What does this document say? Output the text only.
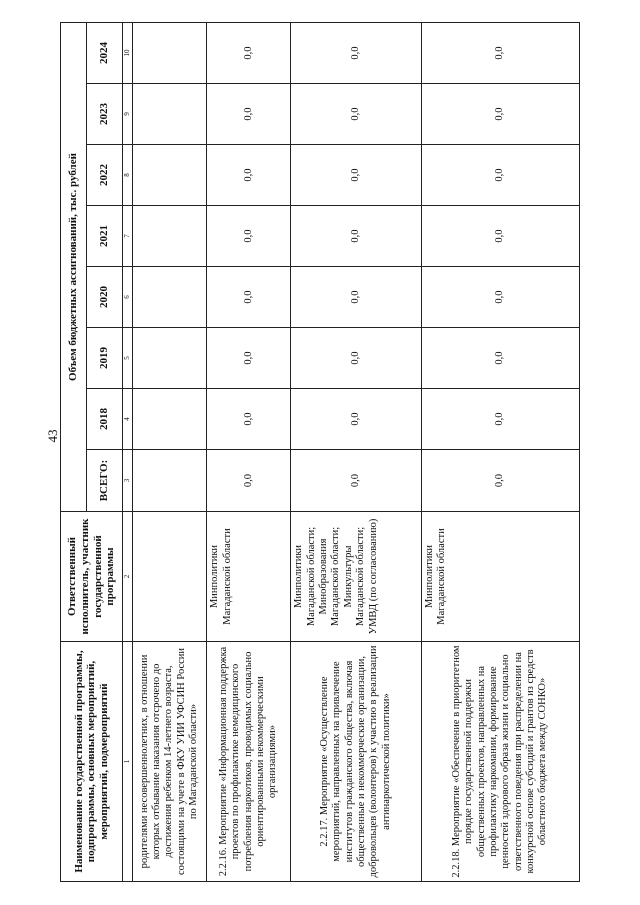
43
Наименование государственной программы, подпрограммы, основных мероприятий, мероприятий, подмероприятий	Ответственный исполнитель, участник государственной программы	Объем бюджетных ассигнований, тыс. рублей							
		ВСЕГО:	2018	2019	2020	2021	2022	2023	2024
1	2	3	4	5	6	7	8	9	10
родителями несовершеннолетних, в отношении которых отбывание наказания отсрочено до достижения ребенком 14-летнего возраста, состоящими на учете в ФКУ УИИ УФСИН России по Магаданской области»									
2.2.16. Мероприятие «Информационная поддержка проектов по профилактике немедицинского потребления наркотиков, проводимых социально ориентированными некоммерческими организациями»	Минполитики Магаданской области	0,0	0,0	0,0	0,0	0,0	0,0	0,0	0,0
2.2.17. Мероприятие «Осуществление мероприятий, направленных на привлечение институтов гражданского общества, включая общественные и некоммерческие организации, добровольцев (волонтеров) к участию в реализации антинаркотической политики»	Минполитики Магаданской области; Минобразования Магаданской области; Минкультуры Магаданской области; УМВД (по согласованию)	0,0	0,0	0,0	0,0	0,0	0,0	0,0	0,0
2.2.18. Мероприятие «Обеспечение в приоритетном порядке государственной поддержки общественных проектов, направленных на профилактику наркомании, формирование ценностей здорового образа жизни и социально ответственного поведения при распределении на конкурсной основе субсидий и грантов из средств областного бюджета между СОНКО»	Минполитики Магаданской области	0,0	0,0	0,0	0,0	0,0	0,0	0,0	0,0
